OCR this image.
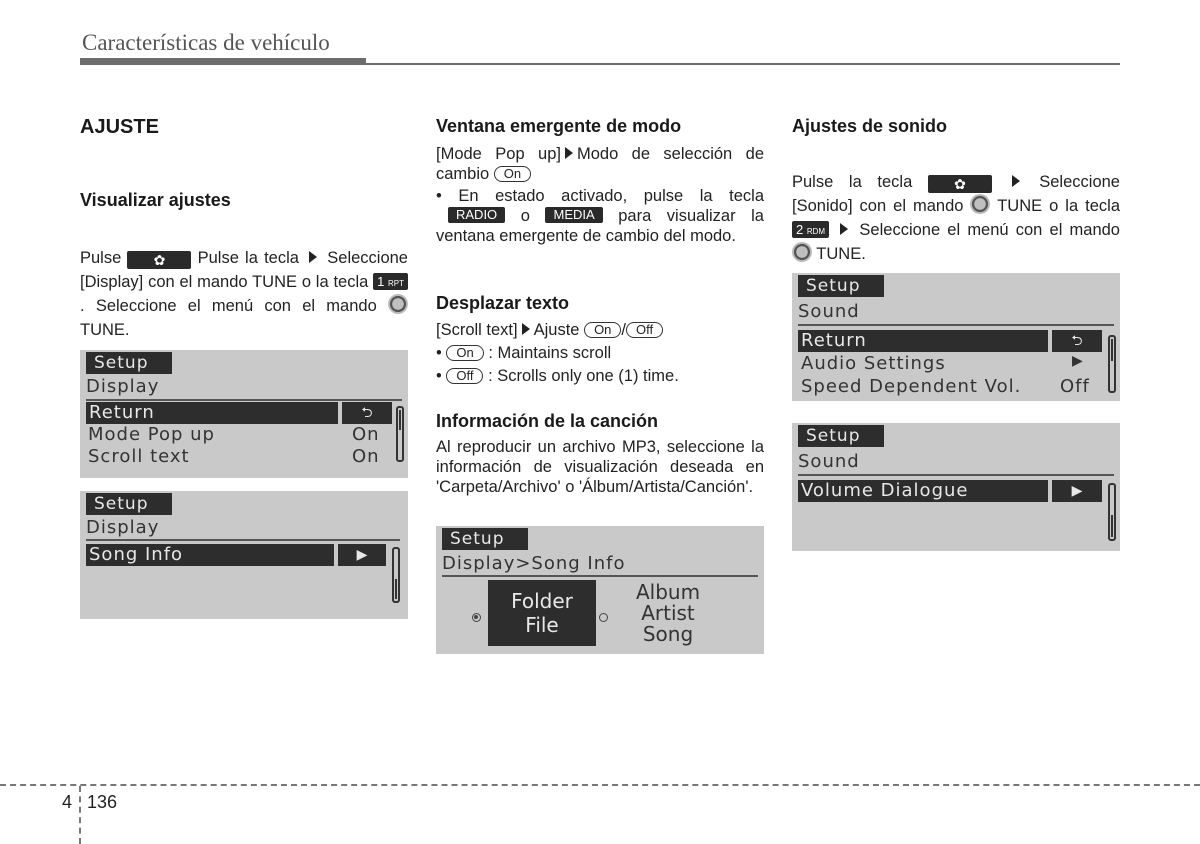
Características de vehículo
AJUSTE
Visualizar ajustes
Pulse ✿ Pulse la tecla Seleccione [Display] con el mando TUNE o la tecla 1 RPT. Seleccione el menú con el mando  TUNE.
Setup
Display
Return	⮌
Mode Pop up	On
Scroll text	On
Setup
Display
Song Info	▶
Ventana emergente de modo
[Mode Pop up] Modo de selección de cambio On
• En estado activado, pulse la tecla RADIO o MEDIA para visualizar la ventana emergente de cambio del modo.
Desplazar texto
[Scroll text] Ajuste On / Off
• On : Maintains scroll
• Off : Scrolls only one (1) time.
Información de la canción
Al reproducir un archivo MP3, seleccione la información de visualización deseada en 'Carpeta/Archivo' o 'Álbum/Artista/Canción'.
Setup
Display>Song Info
Folder
File
Album
Artist
Song
Ajustes de sonido
Pulse la tecla	✿	Seleccione [Sonido] con el mando TUNE o la tecla 2 RDM Seleccione el menú con el mando  TUNE.
Setup
Sound
Return	⮌
Audio Settings	▶
Speed Dependent Vol. Off
Setup
Sound
Volume Dialogue	▶
4 136
